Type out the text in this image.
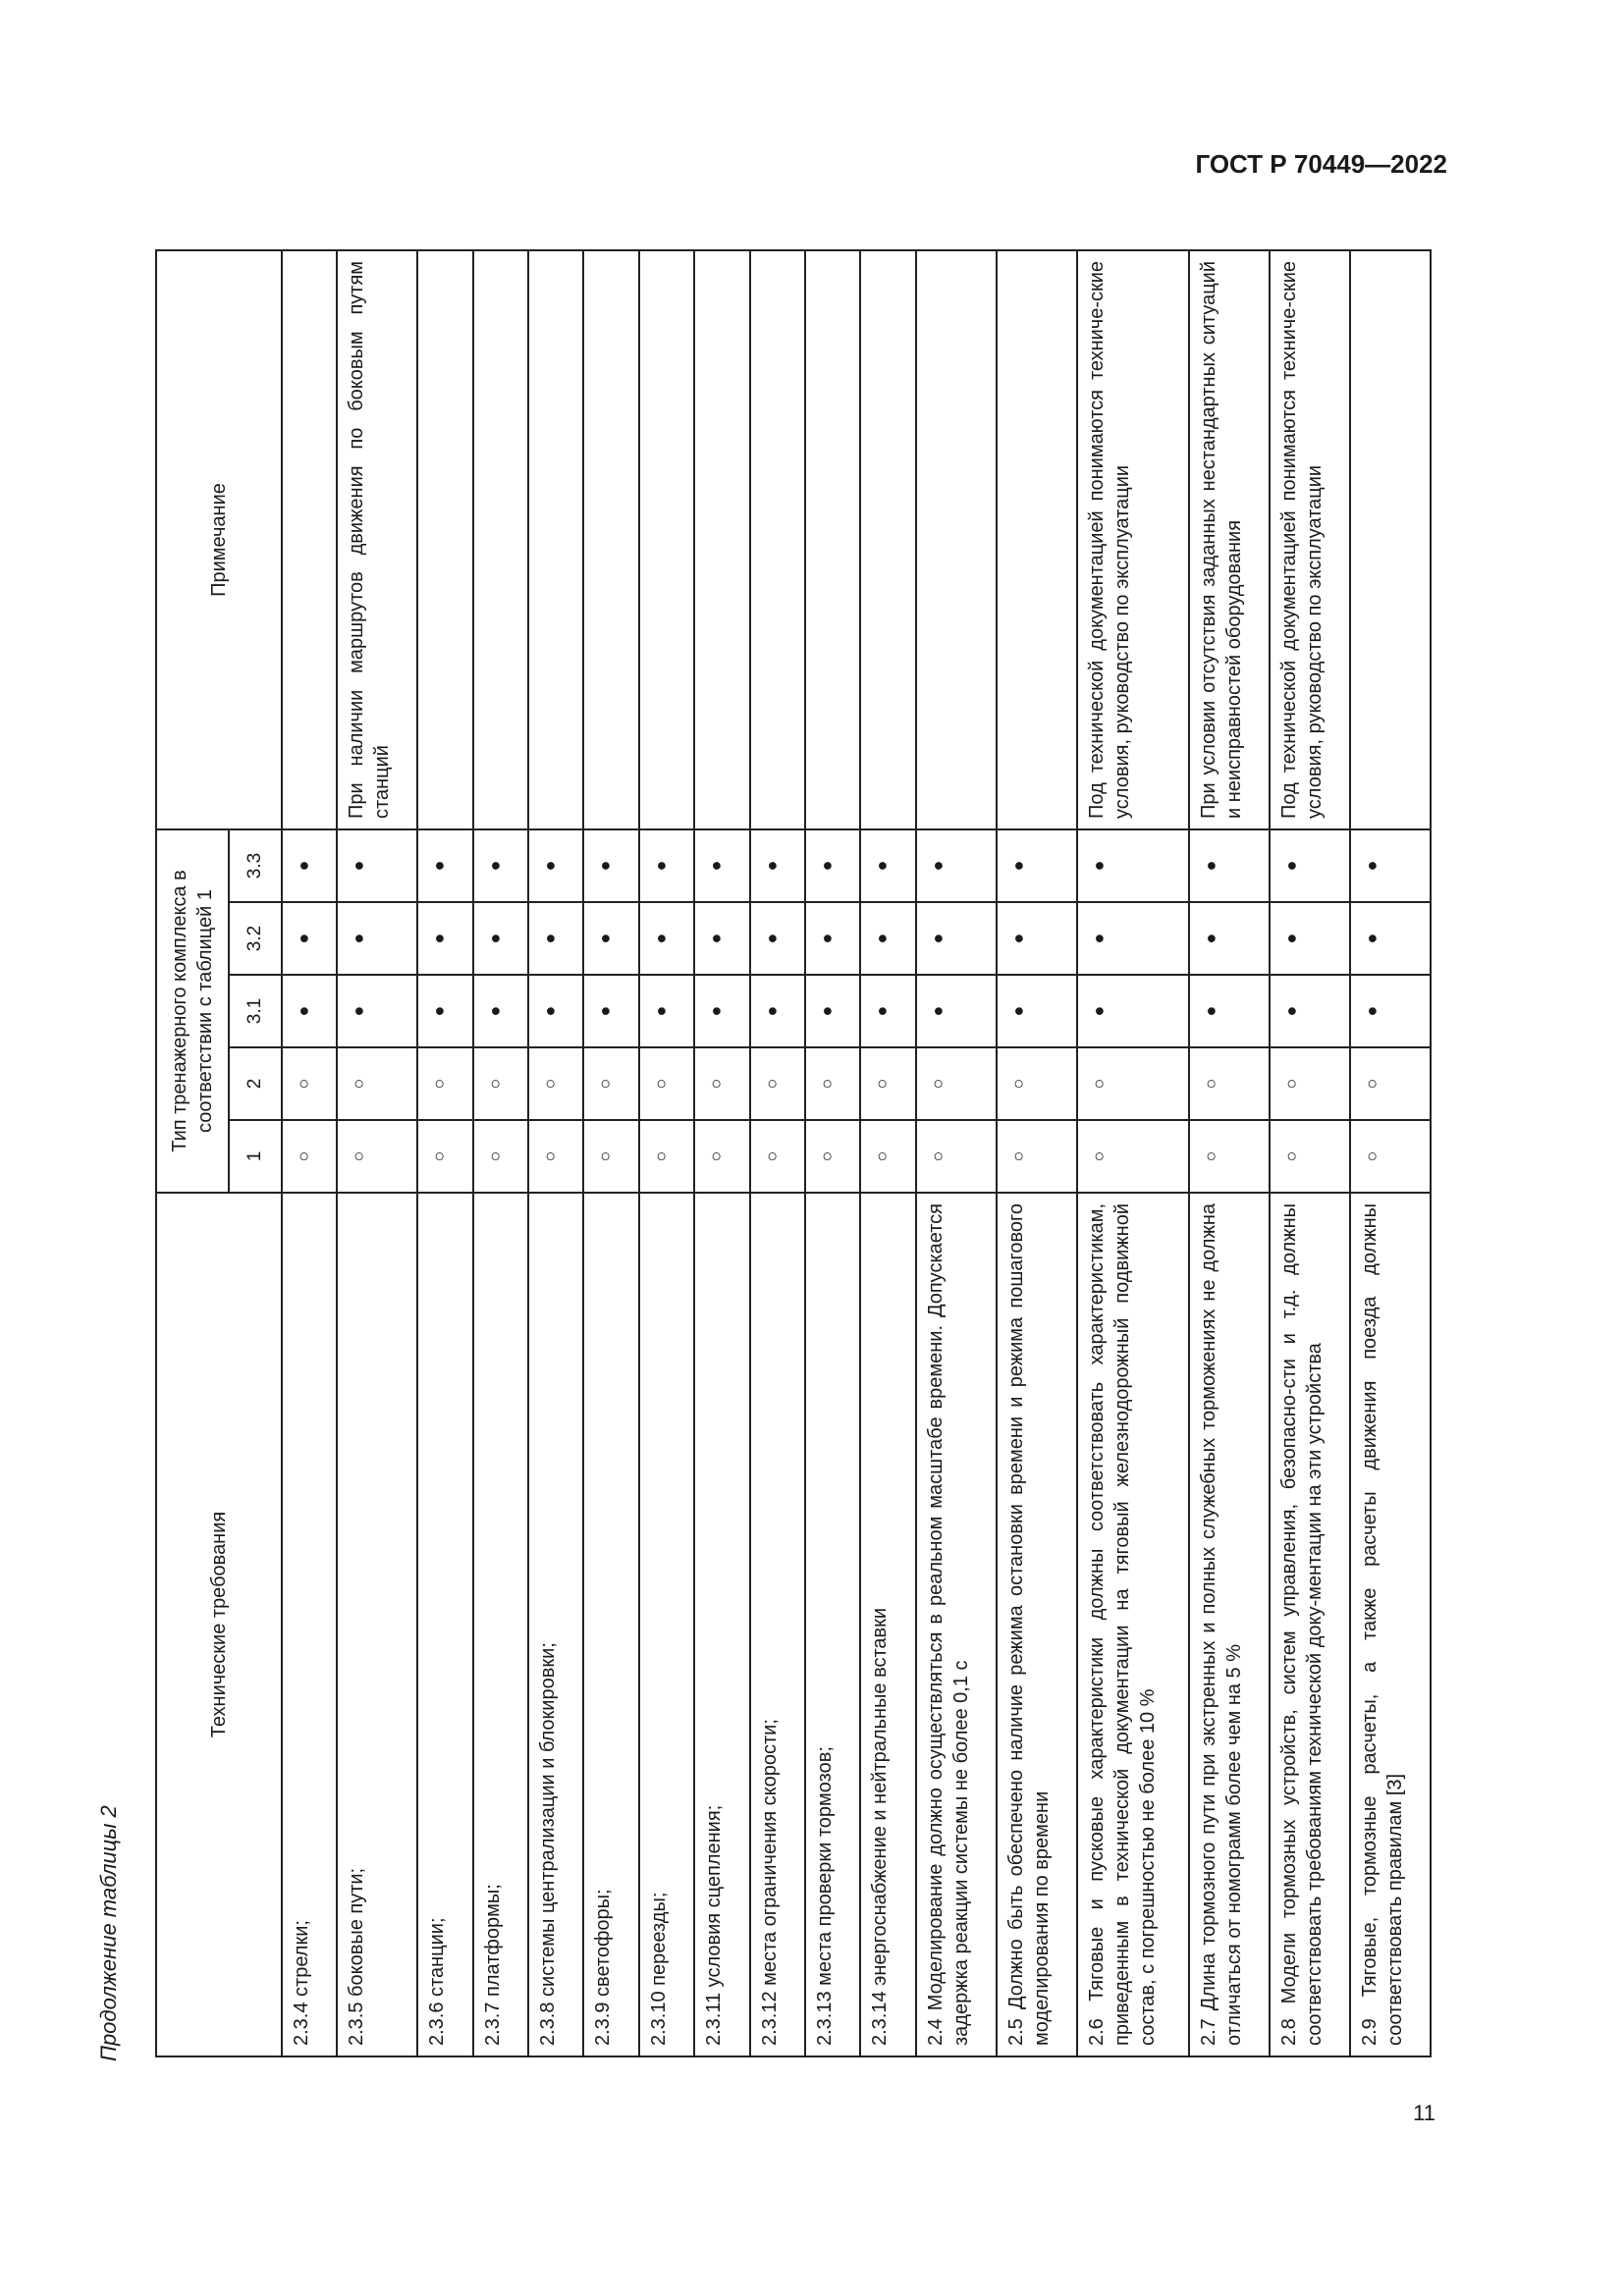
ГОСТ Р 70449—2022
Продолжение таблицы 2
11
Технические требования	Тип тренажерного комплекса в соответствии с таблицей 1					Примечание
	1	2	3.1	3.2	3.3	
2.3.4 стрелки;	○	○	●	●	●	
2.3.5 боковые пути;	○	○	●	●	●	При наличии маршрутов движения по боковым путям станций
2.3.6 станции;	○	○	●	●	●	
2.3.7 платформы;	○	○	●	●	●	
2.3.8 системы централизации и блокировки;	○	○	●	●	●	
2.3.9 светофоры;	○	○	●	●	●	
2.3.10 переезды;	○	○	●	●	●	
2.3.11 условия сцепления;	○	○	●	●	●	
2.3.12 места ограничения скорости;	○	○	●	●	●	
2.3.13 места проверки тормозов;	○	○	●	●	●	
2.3.14 энергоснабжение и нейтральные вставки	○	○	●	●	●	
2.4 Моделирование должно осуществляться в реальном масштабе времени. Допускается задержка реакции системы не более 0,1 с	○	○	●	●	●	
2.5 Должно быть обеспечено наличие режима остановки времени и режима пошагового моделирования по времени	○	○	●	●	●	
2.6 Тяговые и пусковые характеристики должны соответствовать характеристикам, приведенным в технической документации на тяговый железнодорожный подвижной состав, с погрешностью не более 10 %	○	○	●	●	●	Под технической документацией понимаются техниче-ские условия, руководство по эксплуатации
2.7 Длина тормозного пути при экстренных и полных служебных торможениях не должна отличаться от номограмм более чем на 5 %	○	○	●	●	●	При условии отсутствия заданных нестандартных ситуаций и неисправностей оборудования
2.8 Модели тормозных устройств, систем управления, безопасно-сти и т.д. должны соответствовать требованиям технической доку-ментации на эти устройства	○	○	●	●	●	Под технической документацией понимаются техниче-ские условия, руководство по эксплуатации
2.9 Тяговые, тормозные расчеты, а также расчеты движения поезда должны соответствовать правилам [3]	○	○	●	●	●	
